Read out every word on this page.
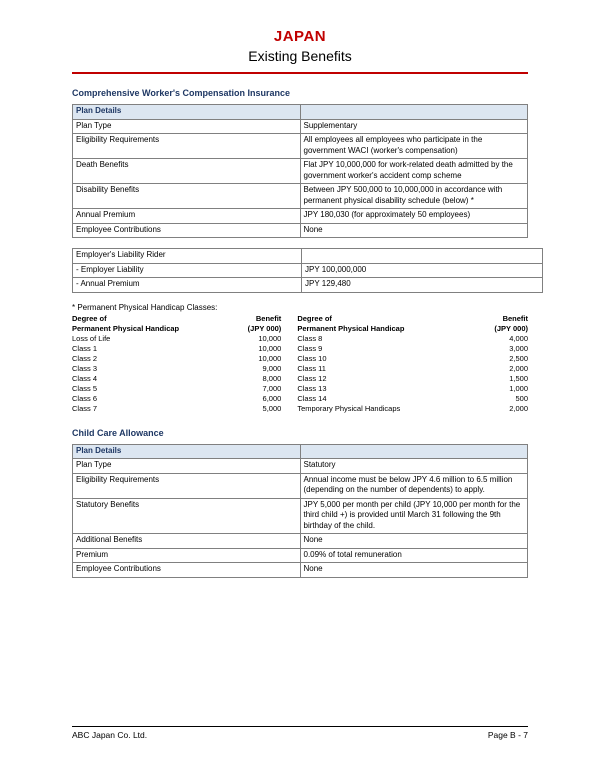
JAPAN
Existing Benefits
Comprehensive Worker's Compensation Insurance
Plan Details	
Plan Type	Supplementary
Eligibility Requirements	All employees all employees who participate in the government WACI (worker's compensation)
Death Benefits	Flat JPY 10,000,000 for work-related death admitted by the government worker's accident comp scheme
Disability Benefits	Between JPY 500,000 to 10,000,000 in accordance with permanent physical disability schedule (below) *
Annual Premium	JPY 180,030 (for approximately 50 employees)
Employee Contributions	None
Employer's Liability Rider	
- Employer Liability	JPY 100,000,000
- Annual Premium	JPY 129,480
* Permanent Physical Handicap Classes:
Degree of	Benefit	Degree of	Benefit
Permanent Physical Handicap	(JPY 000)	Permanent Physical Handicap	(JPY 000)
Loss of Life	10,000	Class 8	4,000
Class 1	10,000	Class 9	3,000
Class 2	10,000	Class 10	2,500
Class 3	9,000	Class 11	2,000
Class 4	8,000	Class 12	1,500
Class 5	7,000	Class 13	1,000
Class 6	6,000	Class 14	500
Class 7	5,000	Temporary Physical Handicaps	2,000
Child Care Allowance
Plan Details	
Plan Type	Statutory
Eligibility Requirements	Annual income must be below JPY 4.6 million to 6.5 million (depending on the number of dependents) to apply.
Statutory Benefits	JPY 5,000 per month per child (JPY 10,000 per month for the third child +) is provided until March 31 following the 9th birthday of the child.
Additional Benefits	None
Premium	0.09% of total remuneration
Employee Contributions	None
ABC Japan Co. Ltd.	Page B - 7
